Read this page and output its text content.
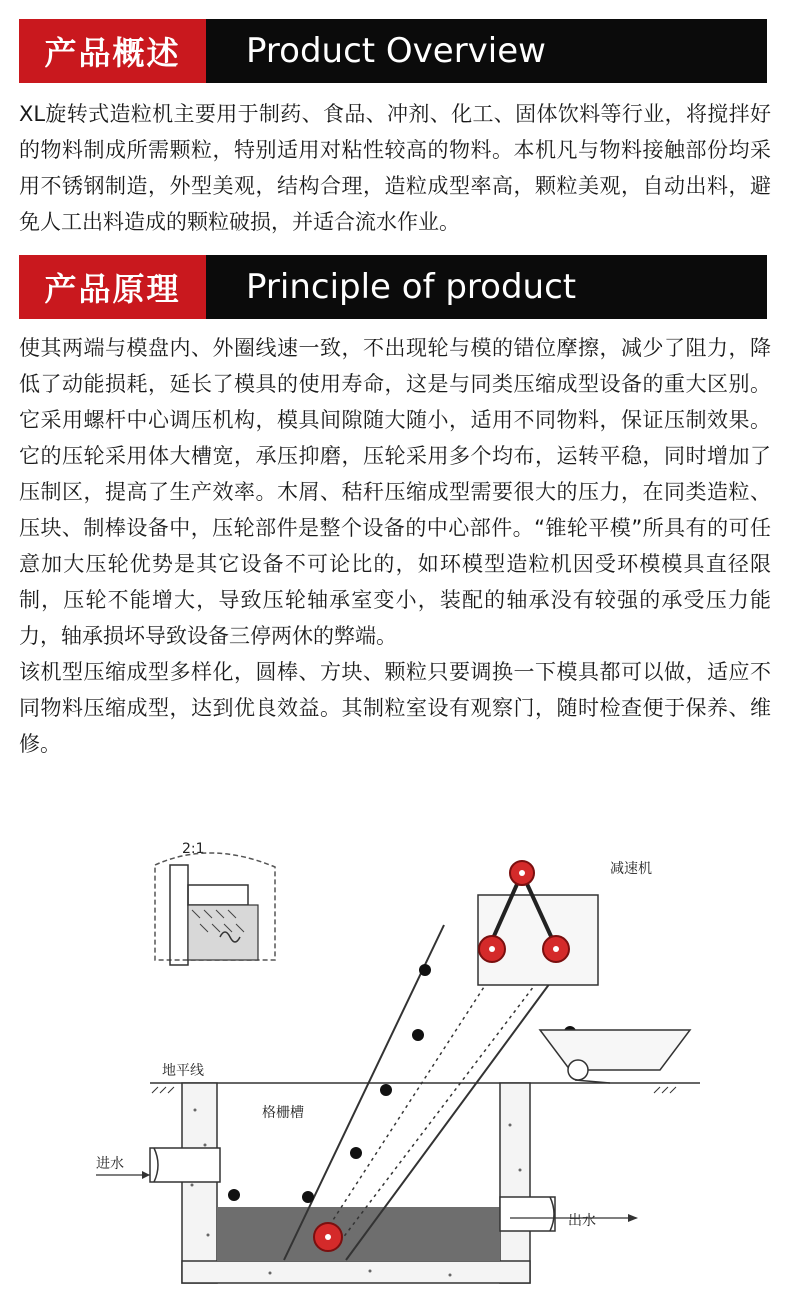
产品概述	Product Overview

XL旋转式造粒机主要用于制药、食品、冲剂、化工、固体饮料等行业，将搅拌好的物料制成所需颗粒，特别适用对粘性较高的物料。本机凡与物料接触部份均采用不锈钢制造，外型美观，结构合理，造粒成型率高，颗粒美观，自动出料，避免人工出料造成的颗粒破损，并适合流水作业。

产品原理	Principle of product

使其两端与模盘内、外圈线速一致，不出现轮与模的错位摩擦，减少了阻力，降低了动能损耗，延长了模具的使用寿命，这是与同类压缩成型设备的重大区别。它采用螺杆中心调压机构，模具间隙随大随小，适用不同物料，保证压制效果。它的压轮采用体大槽宽，承压抑磨，压轮采用多个均布，运转平稳，同时增加了压制区，提高了生产效率。木屑、秸秆压缩成型需要很大的压力，在同类造粒、压块、制棒设备中，压轮部件是整个设备的中心部件。“锥轮平模”所具有的可任意加大压轮优势是其它设备不可论比的，如环模型造粒机因受环模模具直径限制，压轮不能增大，导致压轮轴承室变小，装配的轴承没有较强的承受压力能力，轴承损坏导致设备三停两休的弊端。

该机型压缩成型多样化，圆棒、方块、颗粒只要调换一下模具都可以做，适应不同物料压缩成型，达到优良效益。其制粒室设有观察门，随时检查便于保养、维修。

2:1
地平线
格栅槽
进水
出水
减速机
